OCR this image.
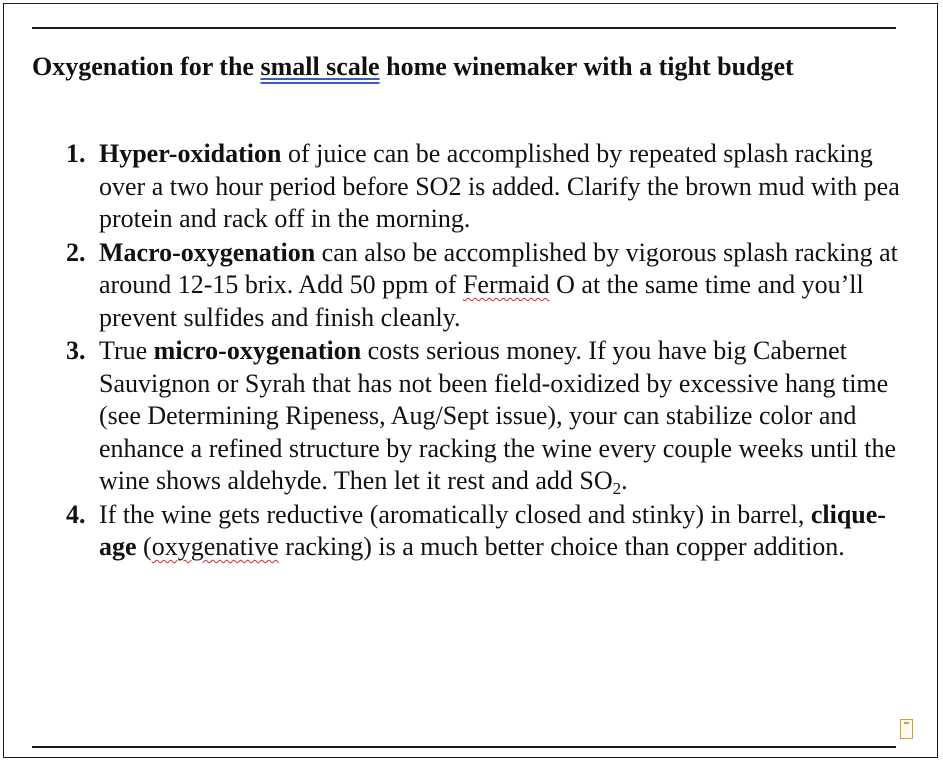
Oxygenation for the small scale home winemaker with a tight budget
1. Hyper-oxidation of juice can be accomplished by repeated splash racking over a two hour period before SO2 is added. Clarify the brown mud with pea protein and rack off in the morning.
2. Macro-oxygenation can also be accomplished by vigorous splash racking at around 12-15 brix. Add 50 ppm of Fermaid O at the same time and you’ll prevent sulfides and finish cleanly.
3. True micro-oxygenation costs serious money. If you have big Cabernet Sauvignon or Syrah that has not been field-oxidized by excessive hang time (see Determining Ripeness, Aug/Sept issue), your can stabilize color and enhance a refined structure by racking the wine every couple weeks until the wine shows aldehyde. Then let it rest and add $SO_2$.
4. If the wine gets reductive (aromatically closed and stinky) in barrel, clique-age (oxygenative racking) is a much better choice than copper addition.
